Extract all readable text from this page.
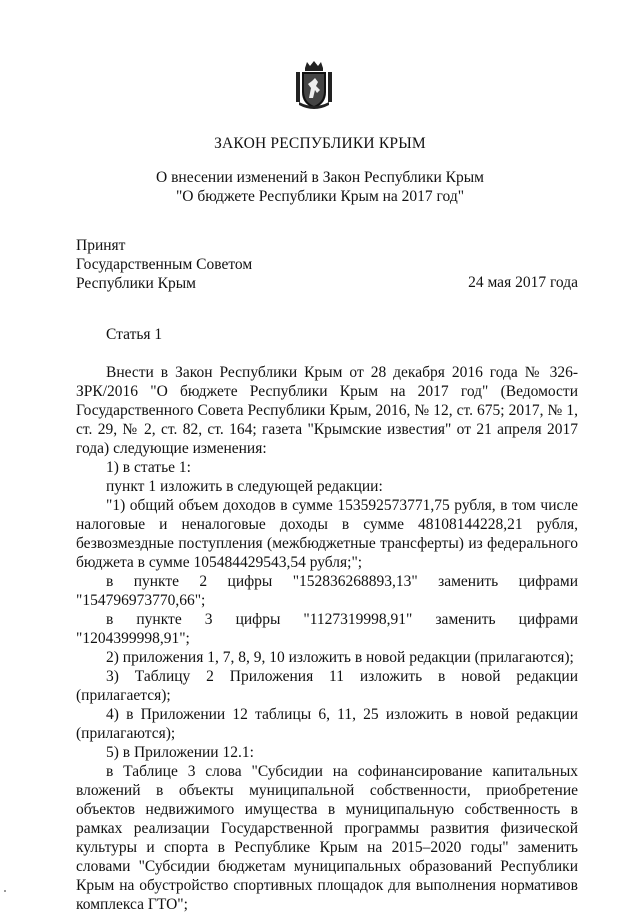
ЗАКОН РЕСПУБЛИКИ КРЫМ
О внесении изменений в Закон Республики Крым
"О бюджете Республики Крым на 2017 год"
Принят
Государственным Советом
Республики Крым	24 мая 2017 года
Статья 1

Внести в Закон Республики Крым от 28 декабря 2016 года № 326-ЗРК/2016 "О бюджете Республики Крым на 2017 год" (Ведомости Государственного Совета Республики Крым, 2016, № 12, ст. 675; 2017, № 1, ст. 29, № 2, ст. 82, ст. 164; газета "Крымские известия" от 21 апреля 2017 года) следующие изменения:

1) в статье 1:

пункт 1 изложить в следующей редакции:

"1) общий объем доходов в сумме 153592573771,75 рубля, в том числе налоговые и неналоговые доходы в сумме 48108144228,21 рубля, безвозмездные поступления (межбюджетные трансферты) из федерального бюджета в сумме 105484429543,54 рубля;";

в пункте 2 цифры "152836268893,13" заменить цифрами "154796973770,66";

в пункте 3 цифры "1127319998,91" заменить цифрами "1204399998,91";

2) приложения 1, 7, 8, 9, 10 изложить в новой редакции (прилагаются);

3) Таблицу 2 Приложения 11 изложить в новой редакции (прилагается);

4) в Приложении 12 таблицы 6, 11, 25 изложить в новой редакции (прилагаются);

5) в Приложении 12.1:

в Таблице 3 слова "Субсидии на софинансирование капитальных вложений в объекты муниципальной собственности, приобретение объектов недвижимого имущества в муниципальную собственность в рамках реализации Государственной программы развития физической культуры и спорта в Республике Крым на 2015–2020 годы" заменить словами "Субсидии бюджетам муниципальных образований Республики Крым на обустройство спортивных площадок для выполнения нормативов комплекса ГТО";
